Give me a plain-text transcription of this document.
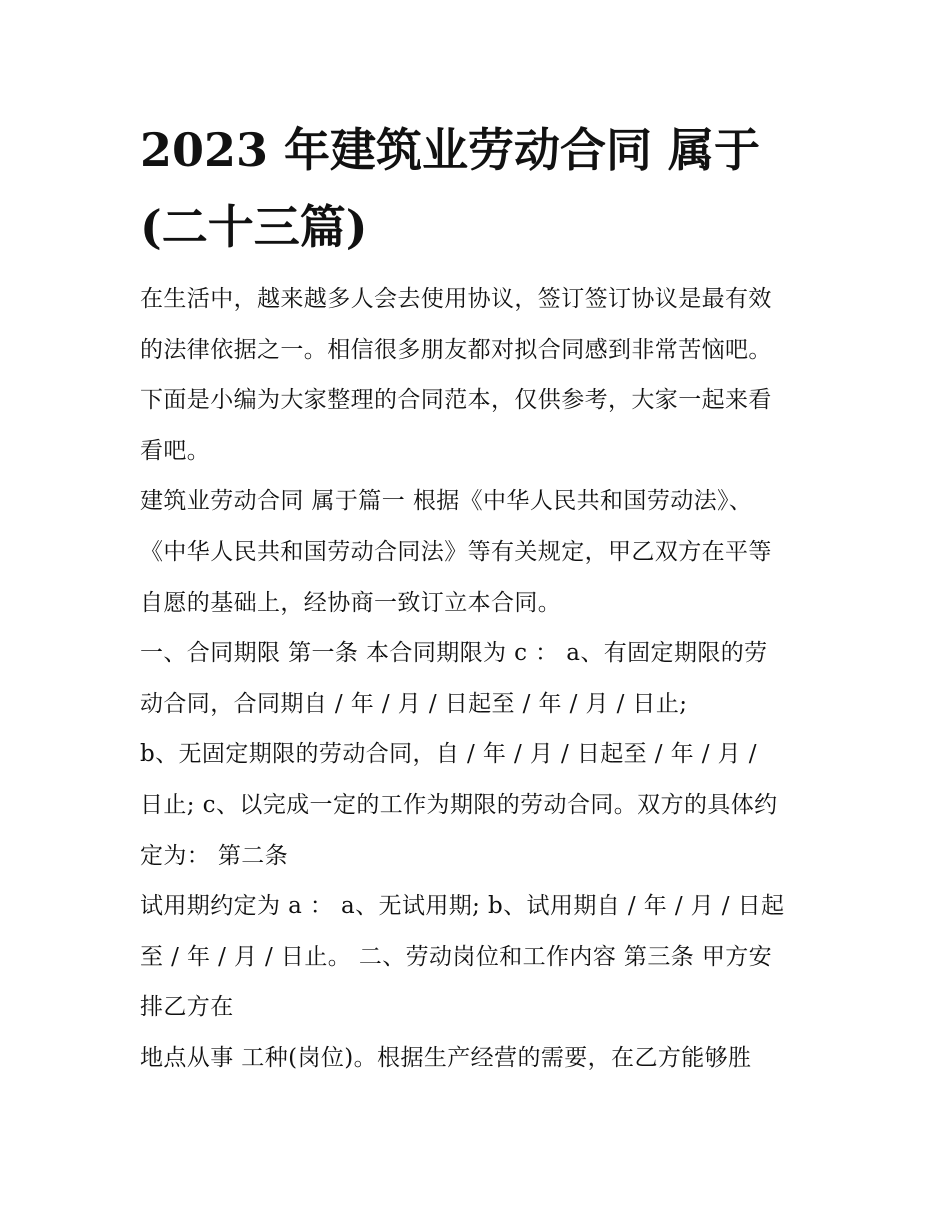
2023 年建筑业劳动合同 属于
(二十三篇)

在生活中，越来越多人会去使用协议，签订签订协议是最有效

的法律依据之一。相信很多朋友都对拟合同感到非常苦恼吧。

下面是小编为大家整理的合同范本，仅供参考，大家一起来看

看吧。

建筑业劳动合同 属于篇一 根据《中华人民共和国劳动法》、

《中华人民共和国劳动合同法》等有关规定，甲乙双方在平等

自愿的基础上，经协商一致订立本合同。

一、合同期限 第一条 本合同期限为 c ： a、有固定期限的劳

动合同，合同期自 / 年 / 月 / 日起至 / 年 / 月 / 日止;

b、无固定期限的劳动合同，自 / 年 / 月 / 日起至 / 年 / 月 /

日止; c、以完成一定的工作为期限的劳动合同。双方的具体约

定为： 第二条

试用期约定为 a ： a、无试用期; b、试用期自 / 年 / 月 / 日起

至 / 年 / 月 / 日止。 二、劳动岗位和工作内容 第三条 甲方安

排乙方在

地点从事 工种(岗位)。根据生产经营的需要，在乙方能够胜
